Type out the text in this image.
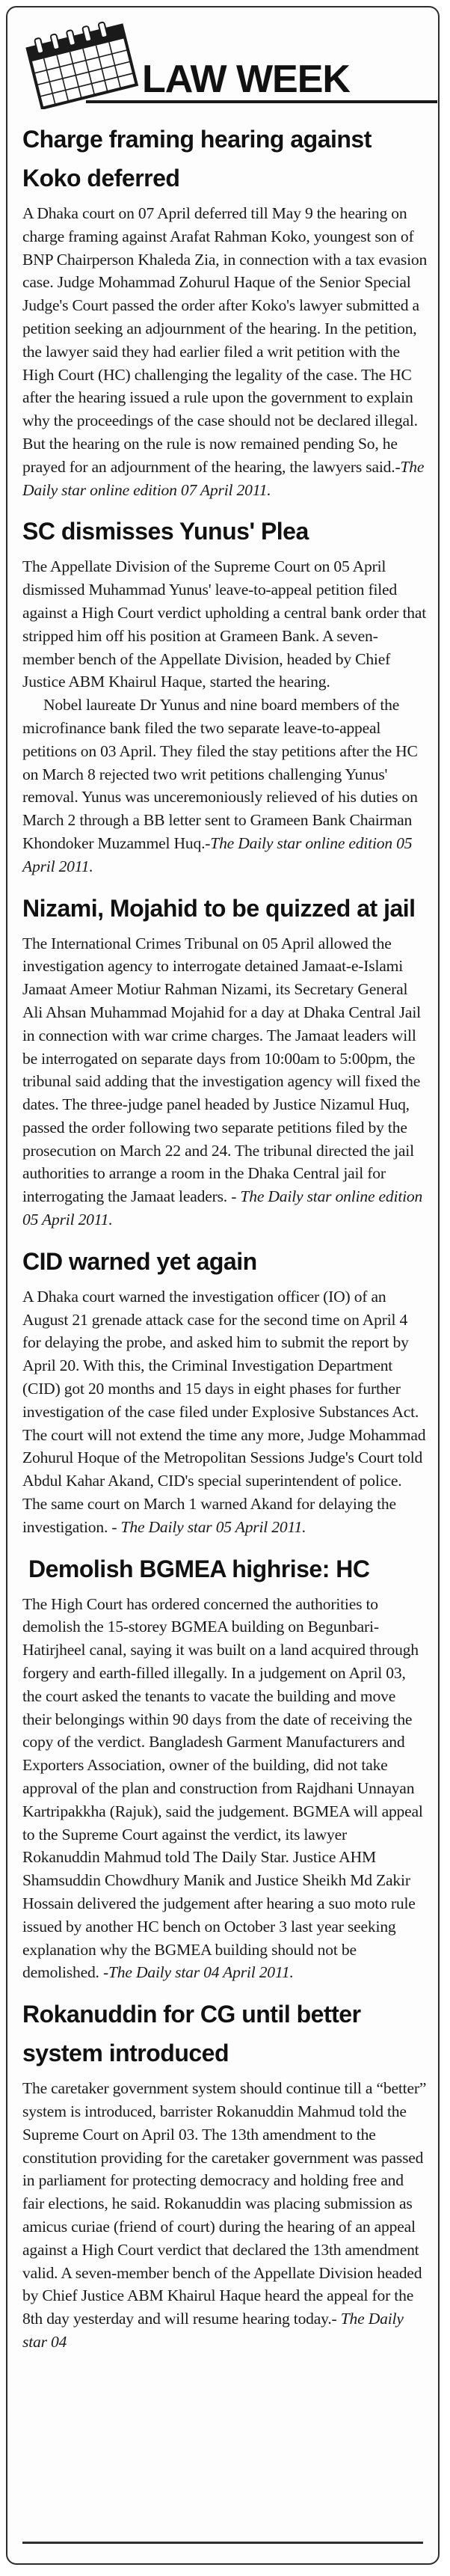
LAW WEEK
Charge framing hearing against Koko deferred

A Dhaka court on 07 April deferred till May 9 the hearing on charge framing against Arafat Rahman Koko, youngest son of BNP Chairperson Khaleda Zia, in connection with a tax evasion case. Judge Mohammad Zohurul Haque of the Senior Special Judge's Court passed the order after Koko's lawyer submitted a petition seeking an adjournment of the hearing. In the petition, the lawyer said they had earlier filed a writ petition with the High Court (HC) challenging the legality of the case. The HC after the hearing issued a rule upon the government to explain why the proceedings of the case should not be declared illegal. But the hearing on the rule is now remained pending So, he prayed for an adjournment of the hearing, the lawyers said.-The Daily star online edition 07 April 2011.

SC dismisses Yunus' Plea

The Appellate Division of the Supreme Court on 05 April dismissed Muhammad Yunus' leave-to-appeal petition filed against a High Court verdict upholding a central bank order that stripped him off his position at Grameen Bank. A seven-member bench of the Appellate Division, headed by Chief Justice ABM Khairul Haque, started the hearing.
Nobel laureate Dr Yunus and nine board members of the microfinance bank filed the two separate leave-to-appeal petitions on 03 April. They filed the stay petitions after the HC on March 8 rejected two writ petitions challenging Yunus' removal. Yunus was unceremoniously relieved of his duties on March 2 through a BB letter sent to Grameen Bank Chairman Khondoker Muzammel Huq.-The Daily star online edition 05 April 2011.

Nizami, Mojahid to be quizzed at jail

The International Crimes Tribunal on 05 April allowed the investigation agency to interrogate detained Jamaat-e-Islami Jamaat Ameer Motiur Rahman Nizami, its Secretary General Ali Ahsan Muhammad Mojahid for a day at Dhaka Central Jail in connection with war crime charges. The Jamaat leaders will be interrogated on separate days from 10:00am to 5:00pm, the tribunal said adding that the investigation agency will fixed the dates. The three-judge panel headed by Justice Nizamul Huq, passed the order following two separate petitions filed by the prosecution on March 22 and 24. The tribunal directed the jail authorities to arrange a room in the Dhaka Central jail for interrogating the Jamaat leaders. - The Daily star online edition 05 April 2011.

CID warned yet again

A Dhaka court warned the investigation officer (IO) of an August 21 grenade attack case for the second time on April 4 for delaying the probe, and asked him to submit the report by April 20. With this, the Criminal Investigation Department (CID) got 20 months and 15 days in eight phases for further investigation of the case filed under Explosive Substances Act. The court will not extend the time any more, Judge Mohammad Zohurul Hoque of the Metropolitan Sessions Judge's Court told Abdul Kahar Akand, CID's special superintendent of police. The same court on March 1 warned Akand for delaying the investigation. - The Daily star 05 April 2011.

Demolish BGMEA highrise: HC

The High Court has ordered concerned the authorities to demolish the 15-storey BGMEA building on Begunbari-Hatirjheel canal, saying it was built on a land acquired through forgery and earth-filled illegally. In a judgement on April 03, the court asked the tenants to vacate the building and move their belongings within 90 days from the date of receiving the copy of the verdict. Bangladesh Garment Manufacturers and Exporters Association, owner of the building, did not take approval of the plan and construction from Rajdhani Unnayan Kartripakkha (Rajuk), said the judgement. BGMEA will appeal to the Supreme Court against the verdict, its lawyer Rokanuddin Mahmud told The Daily Star. Justice AHM Shamsuddin Chowdhury Manik and Justice Sheikh Md Zakir Hossain delivered the judgement after hearing a suo moto rule issued by another HC bench on October 3 last year seeking explanation why the BGMEA building should not be demolished. -The Daily star 04 April 2011.

Rokanuddin for CG until better system introduced

The caretaker government system should continue till a “better” system is introduced, barrister Rokanuddin Mahmud told the Supreme Court on April 03. The 13th amendment to the constitution providing for the caretaker government was passed in parliament for protecting democracy and holding free and fair elections, he said. Rokanuddin was placing submission as amicus curiae (friend of court) during the hearing of an appeal against a High Court verdict that declared the 13th amendment valid. A seven-member bench of the Appellate Division headed by Chief Justice ABM Khairul Haque heard the appeal for the 8th day yesterday and will resume hearing today.- The Daily star 04
